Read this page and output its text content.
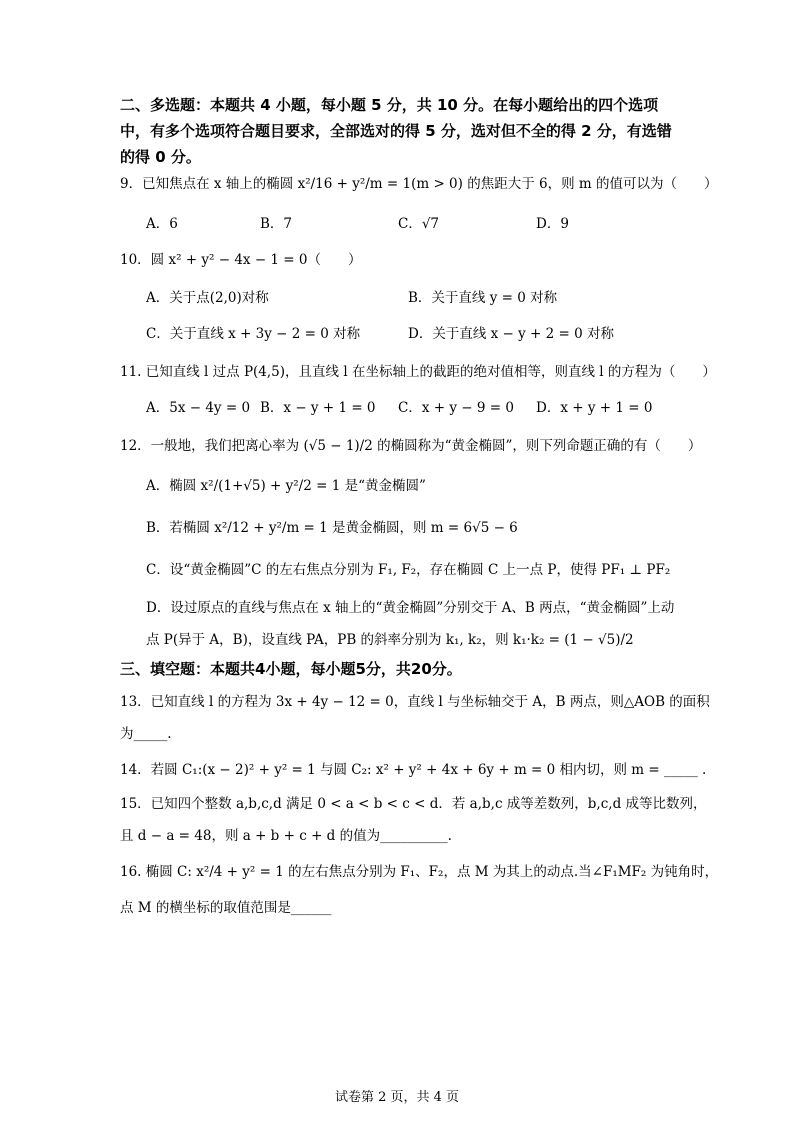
二、多选题：本题共 4 小题，每小题 5 分，共 10 分。在每小题给出的四个选项中，有多个选项符合题目要求，全部选对的得 5 分，选对但不全的得 2 分，有选错的得 0 分。
9．已知焦点在 x 轴上的椭圆 x²/16 + y²/m = 1(m > 0) 的焦距大于 6，则 m 的值可以为（　　）
A．6	B．7	C．√7	D．9
10．圆 x² + y² − 4x − 1 = 0（　　）
A．关于点(2,0)对称	B．关于直线 y = 0 对称
C．关于直线 x + 3y − 2 = 0 对称	D．关于直线 x − y + 2 = 0 对称
11. 已知直线 l 过点 P(4,5)，且直线 l 在坐标轴上的截距的绝对值相等，则直线 l 的方程为（　　）
A．5x − 4y = 0 B．x − y + 1 = 0 C．x + y − 9 = 0 D．x + y + 1 = 0
12．一般地，我们把离心率为 (√5 − 1)/2 的椭圆称为“黄金椭圆”，则下列命题正确的有（　　）
A．椭圆 x²/(1+√5) + y²/2 = 1 是“黄金椭圆”
B．若椭圆 x²/12 + y²/m = 1 是黄金椭圆，则 m = 6√5 − 6
C．设“黄金椭圆”C 的左右焦点分别为 F₁, F₂，存在椭圆 C 上一点 P，使得 PF₁ ⊥ PF₂
D．设过原点的直线与焦点在 x 轴上的“黄金椭圆”分别交于 A、B 两点，“黄金椭圆”上动
点 P(异于 A，B)，设直线 PA，PB 的斜率分别为 k₁, k₂，则 k₁·k₂ = (1 − √5)/2
三、填空题：本题共4小题，每小题5分，共20分。
13．已知直线 l 的方程为 3x + 4y − 12 = 0，直线 l 与坐标轴交于 A，B 两点，则△AOB 的面积
为_____.
14．若圆 C₁:(x − 2)² + y² = 1 与圆 C₂: x² + y² + 4x + 6y + m = 0 相内切，则 m = _____ .
15．已知四个整数 a,b,c,d 满足 0 < a < b < c < d．若 a,b,c 成等差数列，b,c,d 成等比数列，
且 d − a = 48，则 a + b + c + d 的值为__________.
16. 椭圆 C: x²/4 + y² = 1 的左右焦点分别为 F₁、F₂，点 M 为其上的动点.当∠F₁MF₂ 为钝角时，
点 M 的横坐标的取值范围是______
试卷第 2 页，共 4 页
